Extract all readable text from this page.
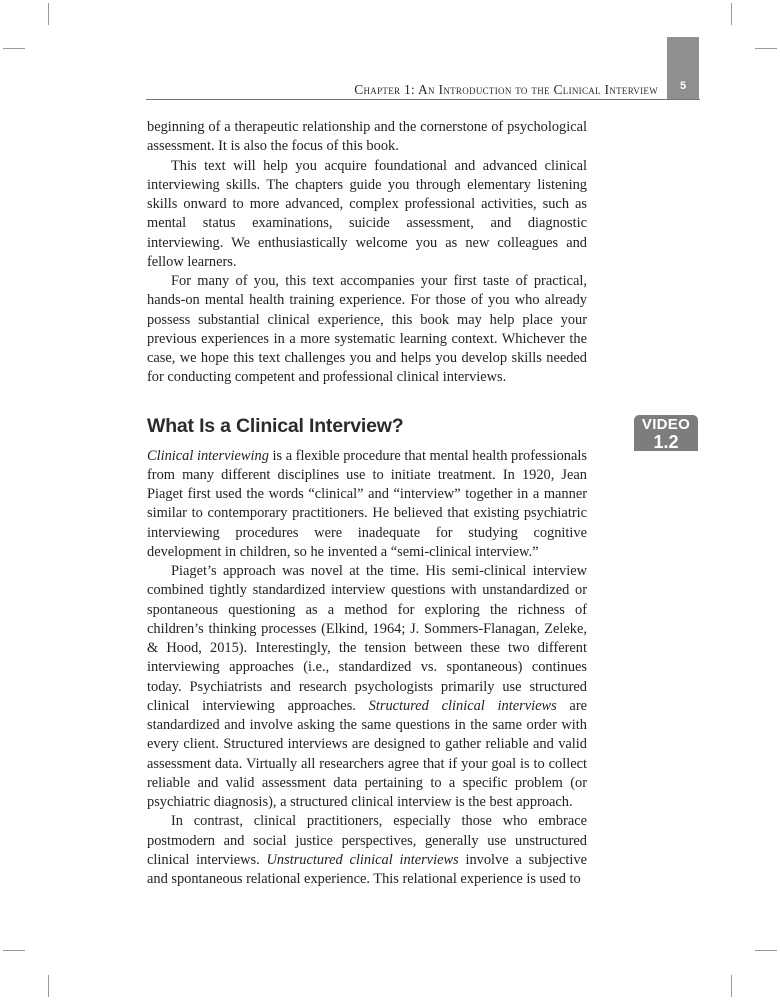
5
Chapter 1: An Introduction to the Clinical Interview
VIDEO
1.2

beginning of a therapeutic relationship and the cornerstone of psychological assessment. It is also the focus of this book.

This text will help you acquire foundational and advanced clinical interviewing skills. The chapters guide you through elementary listening skills onward to more advanced, complex professional activities, such as mental status examinations, suicide assessment, and diagnostic interviewing. We enthusiastically welcome you as new colleagues and fellow learners.

For many of you, this text accompanies your first taste of practical, hands-on mental health training experience. For those of you who already possess substantial clinical experience, this book may help place your previous experiences in a more systematic learning context. Whichever the case, we hope this text challenges you and helps you develop skills needed for conducting competent and professional clinical interviews.

What Is a Clinical Interview?

Clinical interviewing is a flexible procedure that mental health professionals from many different disciplines use to initiate treatment. In 1920, Jean Piaget first used the words “clinical” and “interview” together in a manner similar to contemporary practitioners. He believed that existing psychiatric interviewing procedures were inadequate for studying cognitive development in children, so he invented a “semi-clinical interview.”

Piaget’s approach was novel at the time. His semi-clinical interview combined tightly standardized interview questions with unstandardized or spontaneous questioning as a method for exploring the richness of children’s thinking processes (Elkind, 1964; J. Sommers-Flanagan, Zeleke, & Hood, 2015). Interestingly, the tension between these two different interviewing approaches (i.e., standardized vs. spontaneous) continues today. Psychiatrists and research psychologists primarily use structured clinical interviewing approaches. Structured clinical interviews are standardized and involve asking the same questions in the same order with every client. Structured interviews are designed to gather reliable and valid assessment data. Virtually all researchers agree that if your goal is to collect reliable and valid assessment data pertaining to a specific problem (or psychiatric diagnosis), a structured clinical interview is the best approach.

In contrast, clinical practitioners, especially those who embrace postmodern and social justice perspectives, generally use unstructured clinical interviews. Unstructured clinical interviews involve a subjective and spontaneous relational experience. This relational experience is used to
